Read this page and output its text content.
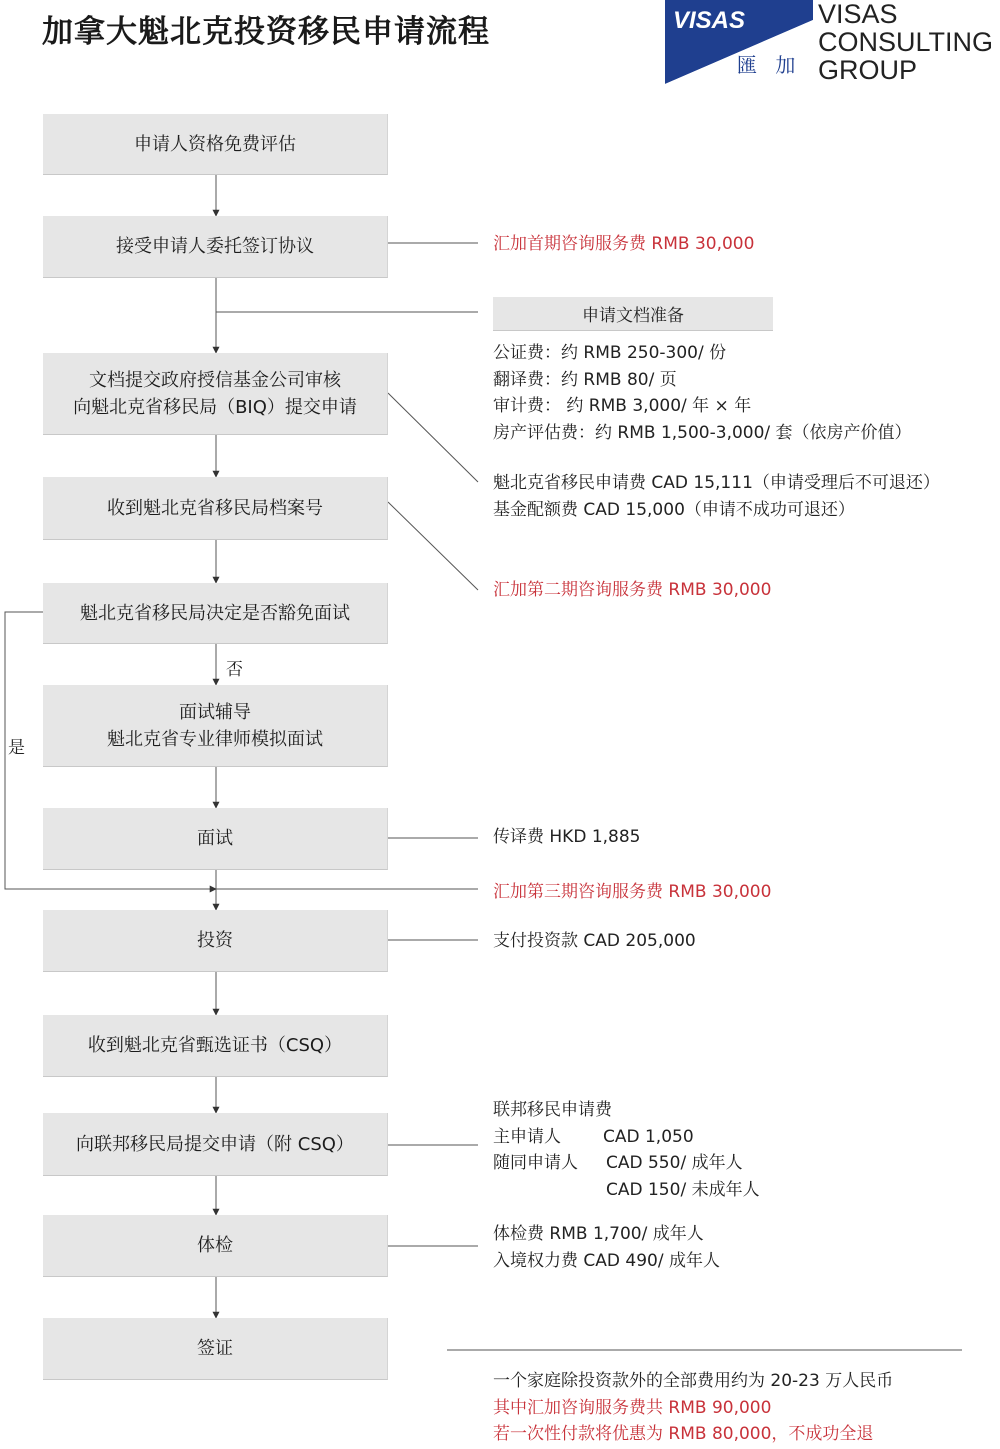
加拿大魁北克投资移民申请流程	VISAS
匯 加
VISAS
CONSULTING
GROUP
申请人资格免费评估
接受申请人委托签订协议
文档提交政府授信基金公司审核
向魁北克省移民局（BIQ）提交申请
收到魁北克省移民局档案号
魁北克省移民局决定是否豁免面试
面试辅导
魁北克省专业律师模拟面试
面试
投资
收到魁北克省甄选证书（CSQ）
向联邦移民局提交申请（附 CSQ）
体检
签证
否
是
汇加首期咨询服务费 RMB 30,000
申请文档准备
公证费：约 RMB 250-300/ 份
翻译费：约 RMB 80/ 页
审计费： 约 RMB 3,000/ 年 × 年
房产评估费：约 RMB 1,500-3,000/ 套（依房产价值）
魁北克省移民申请费 CAD 15,111（申请受理后不可退还）
基金配额费 CAD 15,000（申请不成功可退还）
汇加第二期咨询服务费 RMB 30,000
传译费 HKD 1,885
汇加第三期咨询服务费 RMB 30,000
支付投资款 CAD 205,000
联邦移民申请费
主申请人	CAD 1,050
随同申请人	CAD 550/ 成年人
CAD 150/ 未成年人
体检费 RMB 1,700/ 成年人
入境权力费 CAD 490/ 成年人
一个家庭除投资款外的全部费用约为 20-23 万人民币
其中汇加咨询服务费共 RMB 90,000
若一次性付款将优惠为 RMB 80,000，不成功全退
